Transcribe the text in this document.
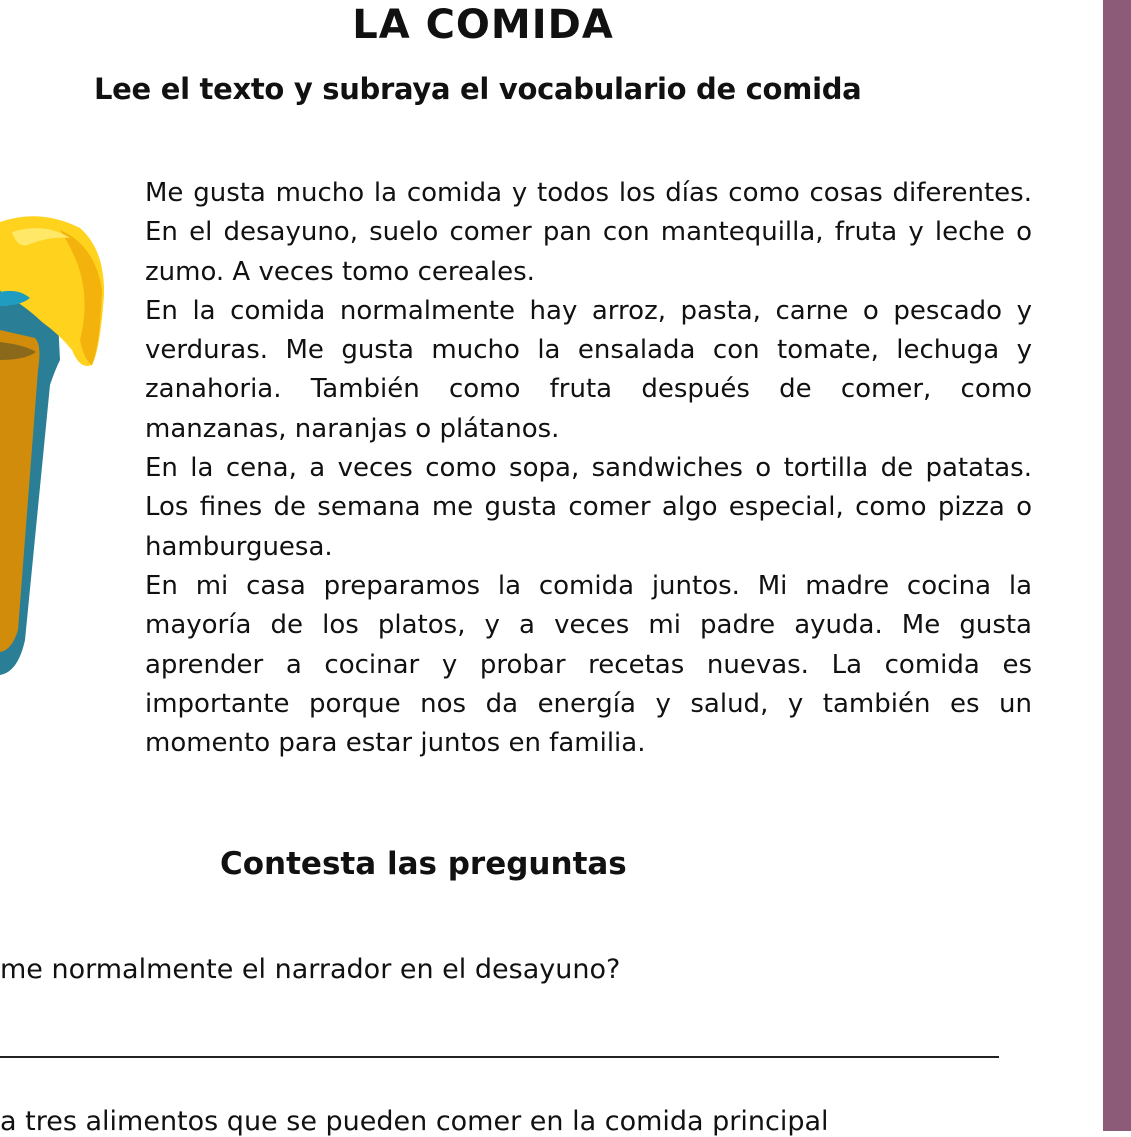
LA COMIDA
Lee el texto y subraya el vocabulario de comida

Me gusta mucho la comida y todos los días como cosas diferentes. En el desayuno, suelo comer pan con mantequilla, fruta y leche o zumo. A veces tomo cereales.

En la comida normalmente hay arroz, pasta, carne o pescado y verduras. Me gusta mucho la ensalada con tomate, lechuga y zanahoria. También como fruta después de comer, como manzanas, naranjas o plátanos.

En la cena, a veces como sopa, sandwiches o tortilla de patatas. Los fines de semana me gusta comer algo especial, como pizza o hamburguesa.

En mi casa preparamos la comida juntos. Mi madre cocina la mayoría de los platos, y a veces mi padre ayuda. Me gusta aprender a cocinar y probar recetas nuevas. La comida es importante porque nos da energía y salud, y también es un momento para estar juntos en familia.

Contesta las preguntas

me normalmente el narrador en el desayuno?

a tres alimentos que se pueden comer en la comida principal
